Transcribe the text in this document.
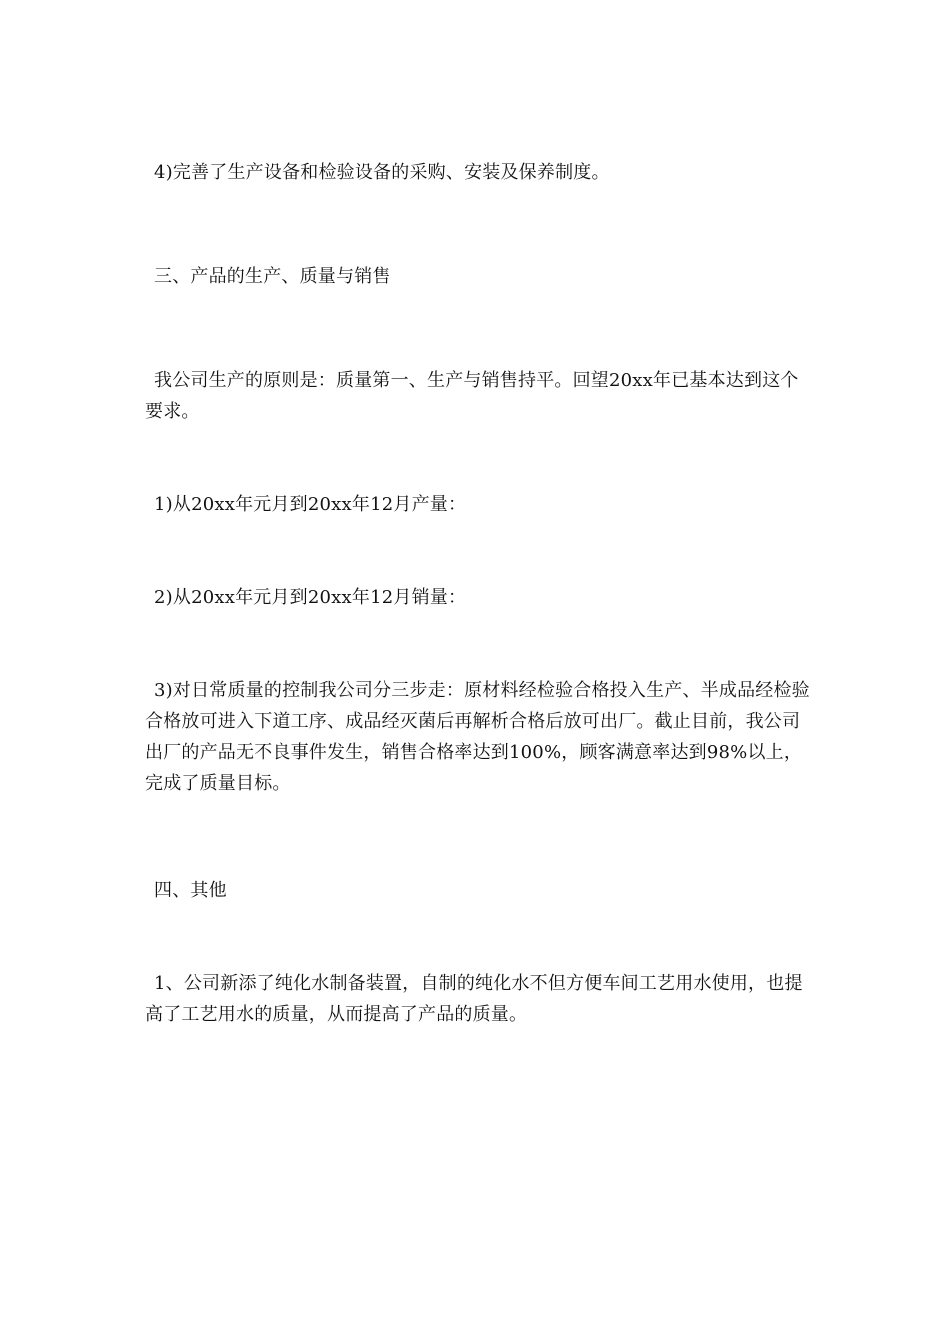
4)完善了生产设备和检验设备的采购、安装及保养制度。

三、产品的生产、质量与销售

我公司生产的原则是：质量第一、生产与销售持平。回望20xx年已基本达到这个要求。

1)从20xx年元月到20xx年12月产量：

2)从20xx年元月到20xx年12月销量：

3)对日常质量的控制我公司分三步走：原材料经检验合格投入生产、半成品经检验合格放可进入下道工序、成品经灭菌后再解析合格后放可出厂。截止目前，我公司出厂的产品无不良事件发生，销售合格率达到100%，顾客满意率达到98%以上，完成了质量目标。

四、其他

1、公司新添了纯化水制备装置，自制的纯化水不但方便车间工艺用水使用，也提高了工艺用水的质量，从而提高了产品的质量。
